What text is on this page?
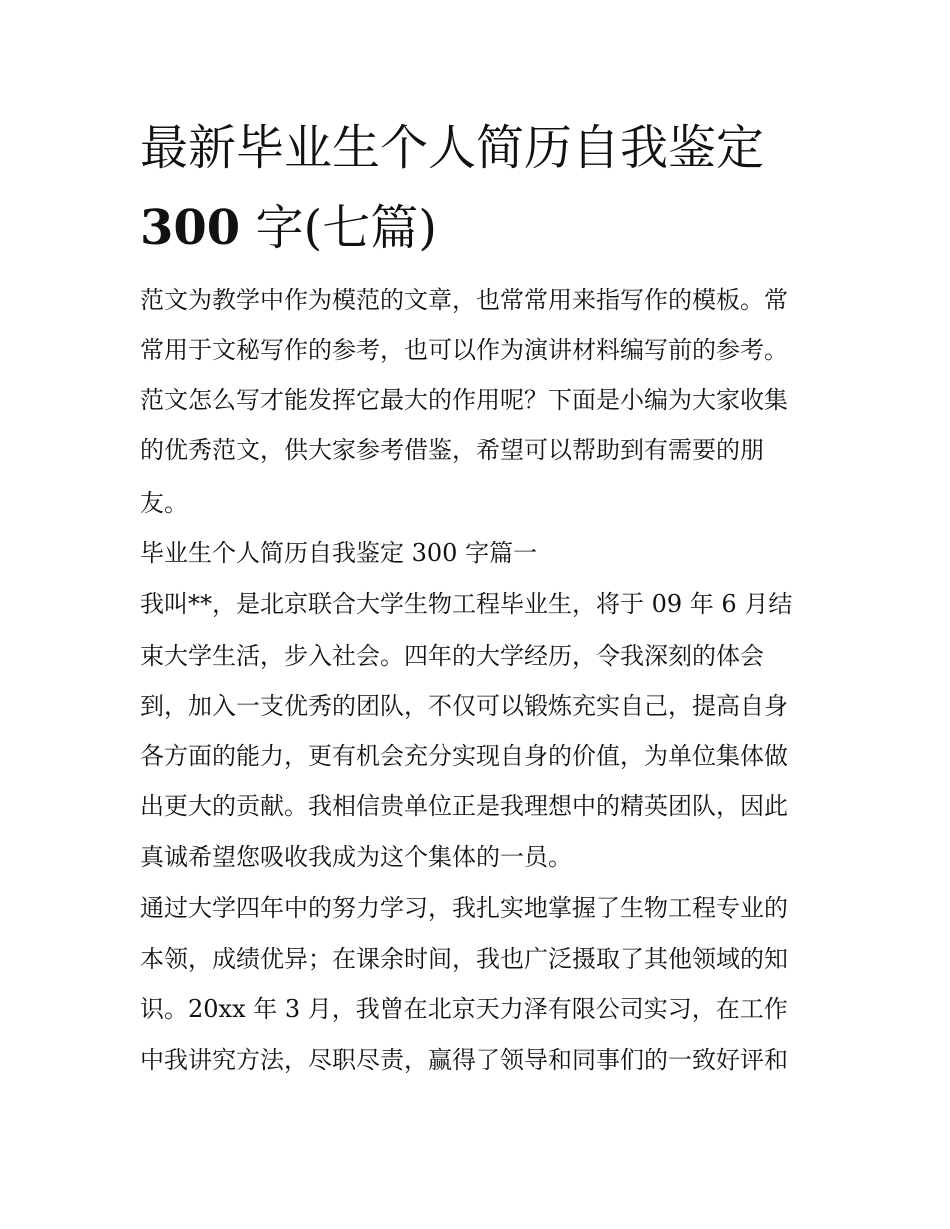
最新毕业生个人简历自我鉴定
300 字(七篇)

范文为教学中作为模范的文章，也常常用来指写作的模板。常

常用于文秘写作的参考，也可以作为演讲材料编写前的参考。

范文怎么写才能发挥它最大的作用呢？下面是小编为大家收集

的优秀范文，供大家参考借鉴，希望可以帮助到有需要的朋

友。

毕业生个人简历自我鉴定 300 字篇一

我叫**，是北京联合大学生物工程毕业生，将于 09 年 6 月结

束大学生活，步入社会。四年的大学经历，令我深刻的体会

到，加入一支优秀的团队，不仅可以锻炼充实自己，提高自身

各方面的能力，更有机会充分实现自身的价值，为单位集体做

出更大的贡献。我相信贵单位正是我理想中的精英团队，因此

真诚希望您吸收我成为这个集体的一员。

通过大学四年中的努力学习，我扎实地掌握了生物工程专业的

本领，成绩优异；在课余时间，我也广泛摄取了其他领域的知

识。20xx 年 3 月，我曾在北京天力泽有限公司实习，在工作

中我讲究方法，尽职尽责，赢得了领导和同事们的一致好评和
